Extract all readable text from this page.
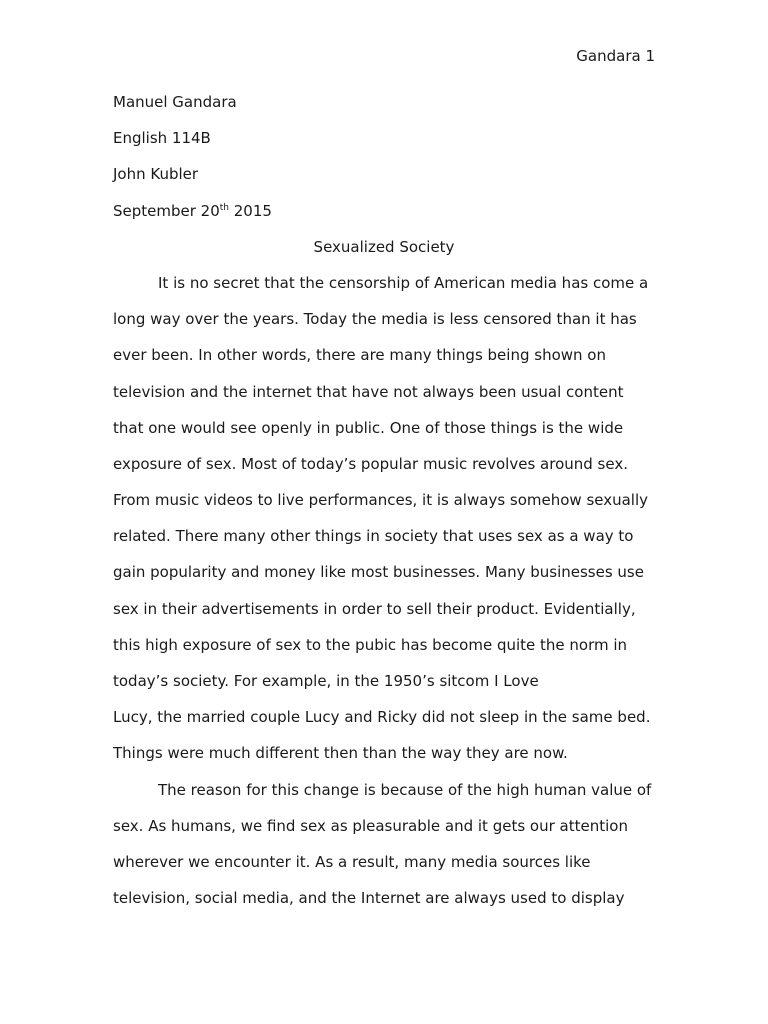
Gandara 1
Manuel Gandara
English 114B
John Kubler
September 20th 2015
Sexualized Society
It is no secret that the censorship of American media has come a
long way over the years. Today the media is less censored than it has
ever been. In other words, there are many things being shown on
television and the internet that have not always been usual content
that one would see openly in public. One of those things is the wide
exposure of sex. Most of today’s popular music revolves around sex.
From music videos to live performances, it is always somehow sexually
related. There many other things in society that uses sex as a way to
gain popularity and money like most businesses. Many businesses use
sex in their advertisements in order to sell their product. Evidentially,
this high exposure of sex to the pubic has become quite the norm in
today’s society. For example, in the 1950’s sitcom I Love
Lucy, the married couple Lucy and Ricky did not sleep in the same bed.
Things were much different then than the way they are now.
The reason for this change is because of the high human value of
sex. As humans, we find sex as pleasurable and it gets our attention
wherever we encounter it. As a result, many media sources like
television, social media, and the Internet are always used to display
